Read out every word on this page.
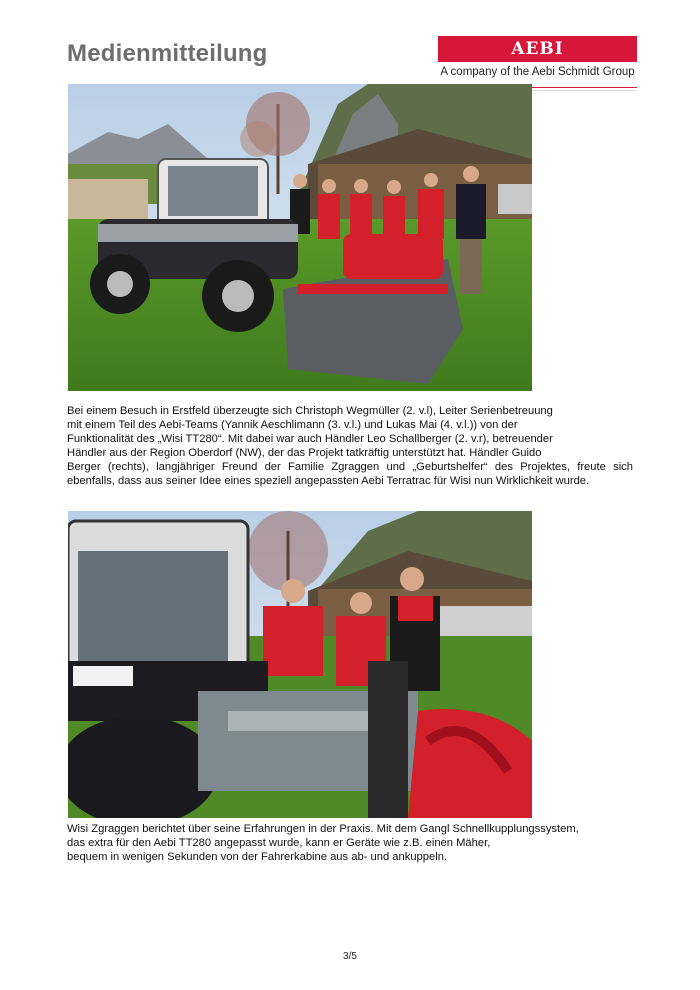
Medienmitteilung	AEBI
A company of the Aebi Schmidt Group
Bei einem Besuch in Erstfeld überzeugte sich Christoph Wegmüller (2. v.l), Leiter Serienbetreuung
mit einem Teil des Aebi-Teams (Yannik Aeschlimann (3. v.l.) und Lukas Mai (4. v.l.)) von der
Funktionalität des „Wisi TT280“. Mit dabei war auch Händler Leo Schallberger (2. v.r), betreuender
Händler aus der Region Oberdorf (NW), der das Projekt tatkräftig unterstützt hat. Händler Guido
Berger (rechts), langjähriger Freund der Familie Zgraggen und „Geburtshelfer“ des Projektes, freute sich
ebenfalls, dass aus seiner Idee eines speziell angepassten Aebi Terratrac für Wisi nun Wirklichkeit wurde.
Wisi Zgraggen berichtet über seine Erfahrungen in der Praxis. Mit dem Gangl Schnellkupplungssystem,
das extra für den Aebi TT280 angepasst wurde, kann er Geräte wie z.B. einen Mäher,
bequem in wenigen Sekunden von der Fahrerkabine aus ab- und ankuppeln.
3/5
